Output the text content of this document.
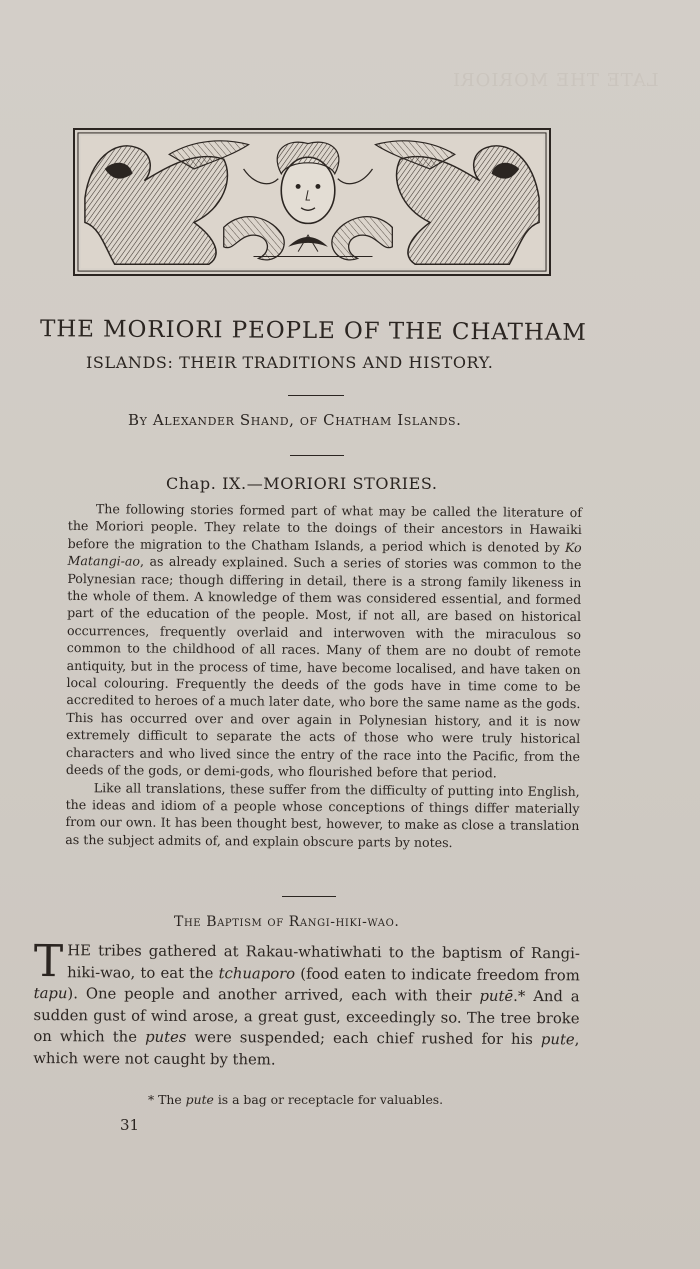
LATE THE MORIORI
THE MORIORI PEOPLE OF THE CHATHAM
ISLANDS: THEIR TRADITIONS AND HISTORY.
By Alexander Shand, of Chatham Islands.
Chap. IX.—MORIORI STORIES.

The following stories formed part of what may be called the literature of the Moriori people. They relate to the doings of their ancestors in Hawaiki before the migration to the Chatham Islands, a period which is denoted by Ko Matangi-ao, as already explained. Such a series of stories was common to the Polynesian race; though differing in detail, there is a strong family likeness in the whole of them. A knowledge of them was considered essential, and formed part of the education of the people. Most, if not all, are based on historical occurrences, frequently overlaid and interwoven with the miraculous so common to the childhood of all races. Many of them are no doubt of remote antiquity, but in the process of time, have become localised, and have taken on local colouring. Frequently the deeds of the gods have in time come to be accredited to heroes of a much later date, who bore the same name as the gods. This has occurred over and over again in Polynesian history, and it is now extremely difficult to separate the acts of those who were truly historical characters and who lived since the entry of the race into the Pacific, from the deeds of the gods, or demi-gods, who flourished before that period.

Like all translations, these suffer from the difficulty of putting into English, the ideas and idiom of a people whose conceptions of things differ materially from our own. It has been thought best, however, to make as close a translation as the subject admits of, and explain obscure parts by notes.

The Baptism of Rangi-hiki-wao.
THE tribes gathered at Rakau-whatiwhati to the baptism of Rangi-hiki-wao, to eat the tchuaporo (food eaten to indicate freedom from tapu). One people and another arrived, each with their putē.* And a sudden gust of wind arose, a great gust, exceedingly so. The tree broke on which the putes were suspended; each chief rushed for his pute, which were not caught by them.
* The pute is a bag or receptacle for valuables.
31
